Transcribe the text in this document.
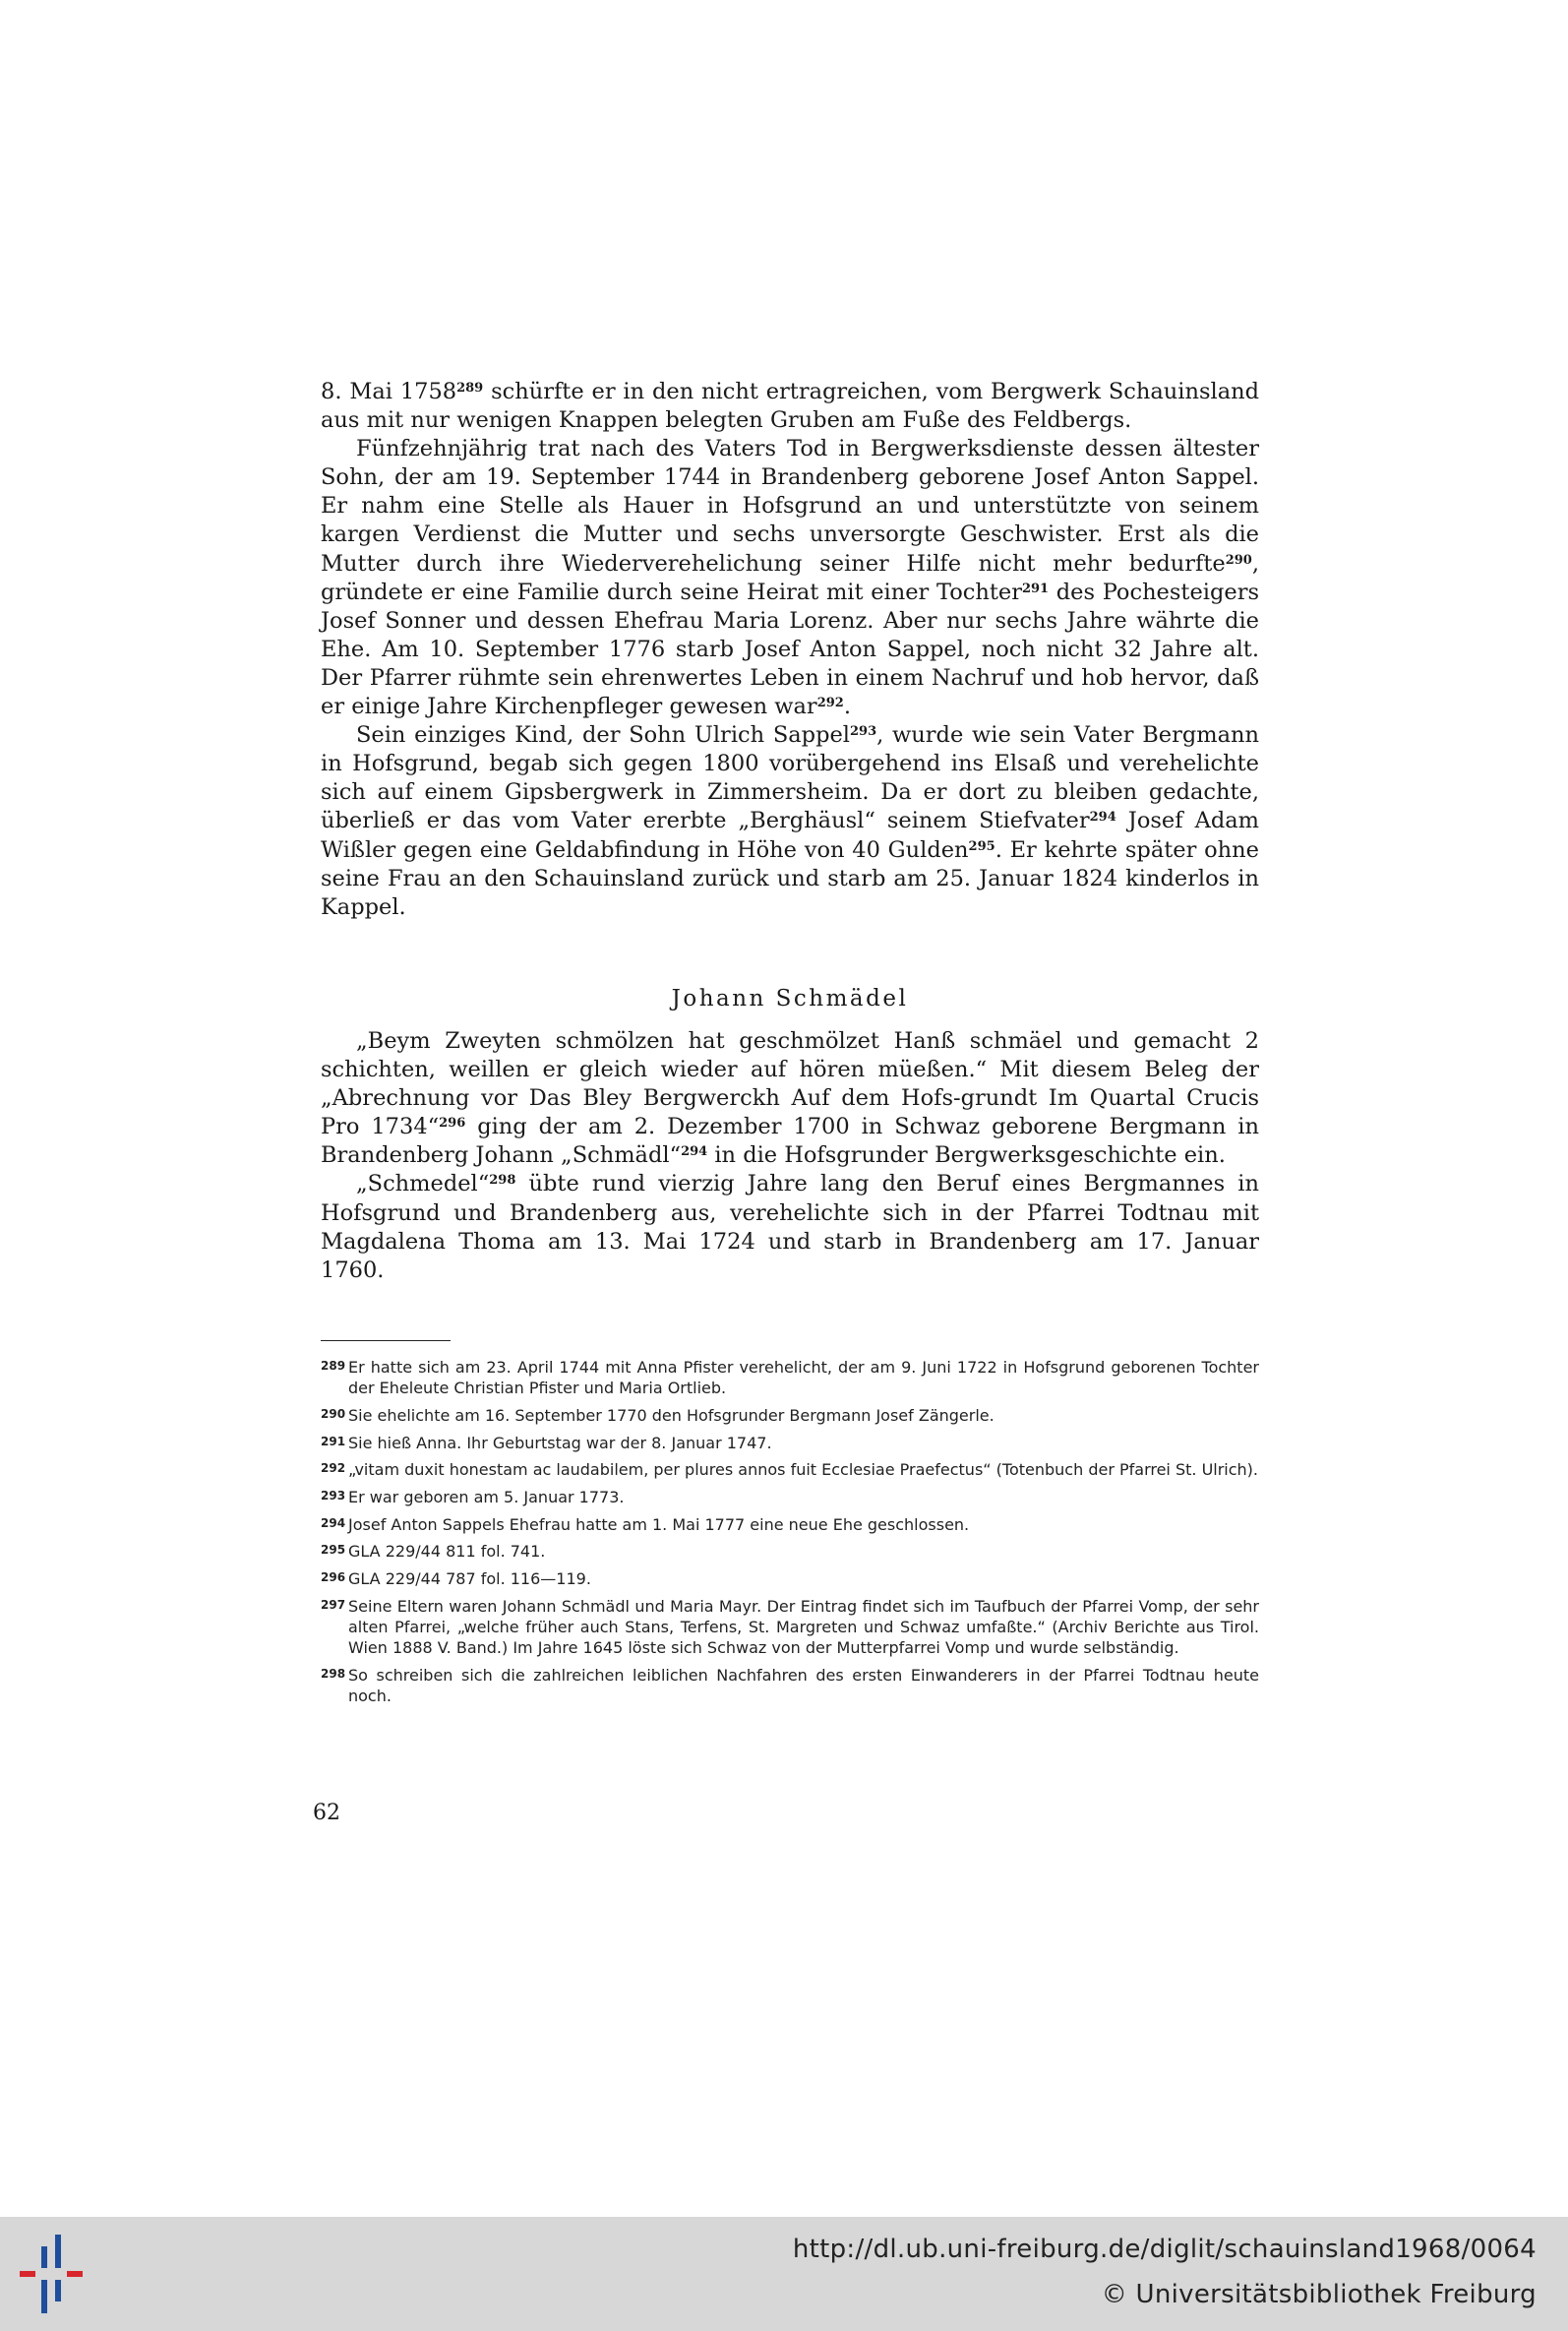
8. Mai 1758$^{289}$ schürfte er in den nicht ertragreichen, vom Bergwerk Schauinsland aus mit nur wenigen Knappen belegten Gruben am Fuße des Feldbergs.

Fünfzehnjährig trat nach des Vaters Tod in Bergwerksdienste dessen ältester Sohn, der am 19. September 1744 in Brandenberg geborene Josef Anton Sappel. Er nahm eine Stelle als Hauer in Hofsgrund an und unterstützte von seinem kargen Verdienst die Mutter und sechs unversorgte Geschwister. Erst als die Mutter durch ihre Wiederverehelichung seiner Hilfe nicht mehr bedurfte$^{290}$, gründete er eine Familie durch seine Heirat mit einer Tochter$^{291}$ des Pochesteigers Josef Sonner und dessen Ehefrau Maria Lorenz. Aber nur sechs Jahre währte die Ehe. Am 10. September 1776 starb Josef Anton Sappel, noch nicht 32 Jahre alt. Der Pfarrer rühmte sein ehrenwertes Leben in einem Nachruf und hob hervor, daß er einige Jahre Kirchenpfleger gewesen war$^{292}$.

Sein einziges Kind, der Sohn Ulrich Sappel$^{293}$, wurde wie sein Vater Bergmann in Hofsgrund, begab sich gegen 1800 vorübergehend ins Elsaß und verehelichte sich auf einem Gipsbergwerk in Zimmersheim. Da er dort zu bleiben gedachte, überließ er das vom Vater ererbte „Berghäusl“ seinem Stiefvater$^{294}$ Josef Adam Wißler gegen eine Geldabfindung in Höhe von 40 Gulden$^{295}$. Er kehrte später ohne seine Frau an den Schauinsland zurück und starb am 25. Januar 1824 kinderlos in Kappel.

Johann Schmädel

„Beym Zweyten schmölzen hat geschmölzet Hanß schmäel und gemacht 2 schichten, weillen er gleich wieder auf hören müeßen.“ Mit diesem Beleg der „Abrechnung vor Das Bley Bergwerckh Auf dem Hofs-grundt Im Quartal Crucis Pro 1734“$^{296}$ ging der am 2. Dezember 1700 in Schwaz geborene Bergmann in Brandenberg Johann „Schmädl“$^{294}$ in die Hofsgrunder Bergwerksgeschichte ein.

„Schmedel“$^{298}$ übte rund vierzig Jahre lang den Beruf eines Bergmannes in Hofsgrund und Brandenberg aus, verehelichte sich in der Pfarrei Todtnau mit Magdalena Thoma am 13. Mai 1724 und starb in Brandenberg am 17. Januar 1760.

289 Er hatte sich am 23. April 1744 mit Anna Pfister verehelicht, der am 9. Juni 1722 in Hofsgrund geborenen Tochter der Eheleute Christian Pfister und Maria Ortlieb.
290 Sie ehelichte am 16. September 1770 den Hofsgrunder Bergmann Josef Zängerle.
291 Sie hieß Anna. Ihr Geburtstag war der 8. Januar 1747.
292 „vitam duxit honestam ac laudabilem, per plures annos fuit Ecclesiae Praefectus“ (Totenbuch der Pfarrei St. Ulrich).
293 Er war geboren am 5. Januar 1773.
294 Josef Anton Sappels Ehefrau hatte am 1. Mai 1777 eine neue Ehe geschlossen.
295 GLA 229/44 811 fol. 741.
296 GLA 229/44 787 fol. 116—119.
297 Seine Eltern waren Johann Schmädl und Maria Mayr. Der Eintrag findet sich im Taufbuch der Pfarrei Vomp, der sehr alten Pfarrei, „welche früher auch Stans, Terfens, St. Margreten und Schwaz umfaßte.“ (Archiv Berichte aus Tirol. Wien 1888 V. Band.) Im Jahre 1645 löste sich Schwaz von der Mutterpfarrei Vomp und wurde selbständig.
298 So schreiben sich die zahlreichen leiblichen Nachfahren des ersten Einwanderers in der Pfarrei Todtnau heute noch.
62
http://dl.ub.uni-freiburg.de/diglit/schauinsland1968/0064
© Universitätsbibliothek Freiburg
